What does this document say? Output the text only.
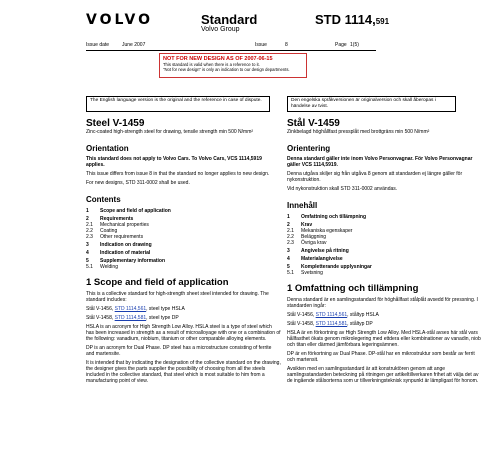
VOLVO	Standard
Volvo Group
STD 1114,591
Issue date	June 2007	Issue	8	Page 1(5)
NOT FOR NEW DESIGN AS OF 2007-06-15
This standard is valid when there is a reference to it.
"Not for new design" is only an indication to our design departments.
The English language version is the original and the reference in case of dispute.	Den engelska språkversionen är originalversion och skall åberopas i händelse av tvist.
Steel V-1459
Zinc-coated high-strength steel for drawing, tensile strength min 500 N/mm²
Orientation
This standard does not apply to Volvo Cars. To Volvo Cars, VCS 1114,5919 applies.
This issue differs from issue 8 in that the standard no longer applies to new design.
For new designs, STD 311-0002 shall be used.
Contents
1	Scope and field of application
2	Requirements
2.1	Mechanical properties
2.2	Coating
2.3	Other requirements
3	Indication on drawing
4	Indication of material
5	Supplementary information
5.1	Welding
1 Scope and field of application
This is a collective standard for high-strength sheet steel intended for drawing. The standard includes:
Stål V-1456, STD 1114,561, steel type HSLA
Stål V-1458, STD 1114,581, steel type DP
HSLA is an acronym for High Strength Low Alloy. HSLA steel is a type of steel which has been increased in strength as a result of microalloyage with one or a combination of the following: vanadium, niobium, titanium or other comparable alloying elements.
DP is an acronym for Dual Phase. DP steel has a microstructure consisting of ferrite and martensite.
It is intended that by indicating the designation of the collective standard on the drawing, the designer gives the parts supplier the possibility of choosing from all the steels included in the collective standard, that steel which is most suitable to him from a manufacturing point of view.
Stål V-1459
Zinkbelagd höghållfast pressplåt med brottgräns min 500 N/mm²
Orientering
Denna standard gäller inte inom Volvo Personvagnar. För Volvo Personvagnar gäller VCS 1114,5919.
Denna utgåva skiljer sig från utgåva 8 genom att standarden ej längre gäller för nykonstruktion.
Vid nykonstruktion skall STD 311-0002 användas.
Innehåll
1	Omfattning och tillämpning
2	Krav
2.1	Mekaniska egenskaper
2.2	Beläggning
2.3	Övriga krav
3	Angivelse på ritning
4	Materialangivelse
5	Kompletterande upplysningar
5.1	Svetsning
1 Omfattning och tillämpning
Denna standard är en samlingsstandard för höghållfast stålplåt avsedd för pressning. I standarden ingår:
Stål V-1456, STD 1114,561, ståltyp HSLA
Stål V-1458, STD 1114,581, ståltyp DP
HSLA är en förkortning av High Strength Low Alloy. Med HSLA-stål avses här stål vars hållfasthet ökats genom mikrolegering med ettdera eller kombinationer av vanadin, niob och titan eller därmed jämförbara legeringsämnen.
DP är en förkortning av Dual Phase. DP-stål har en mikrostruktur som består av ferrit och martensit.
Avsikten med en samlingsstandard är att konstruktören genom att ange samlingsstandarden beteckning på ritningen ger artikeltillverkaren frihet att välja det av de ingående stålsorterna som ur tillverkningsteknisk synpunkt är lämpligast för honom.
